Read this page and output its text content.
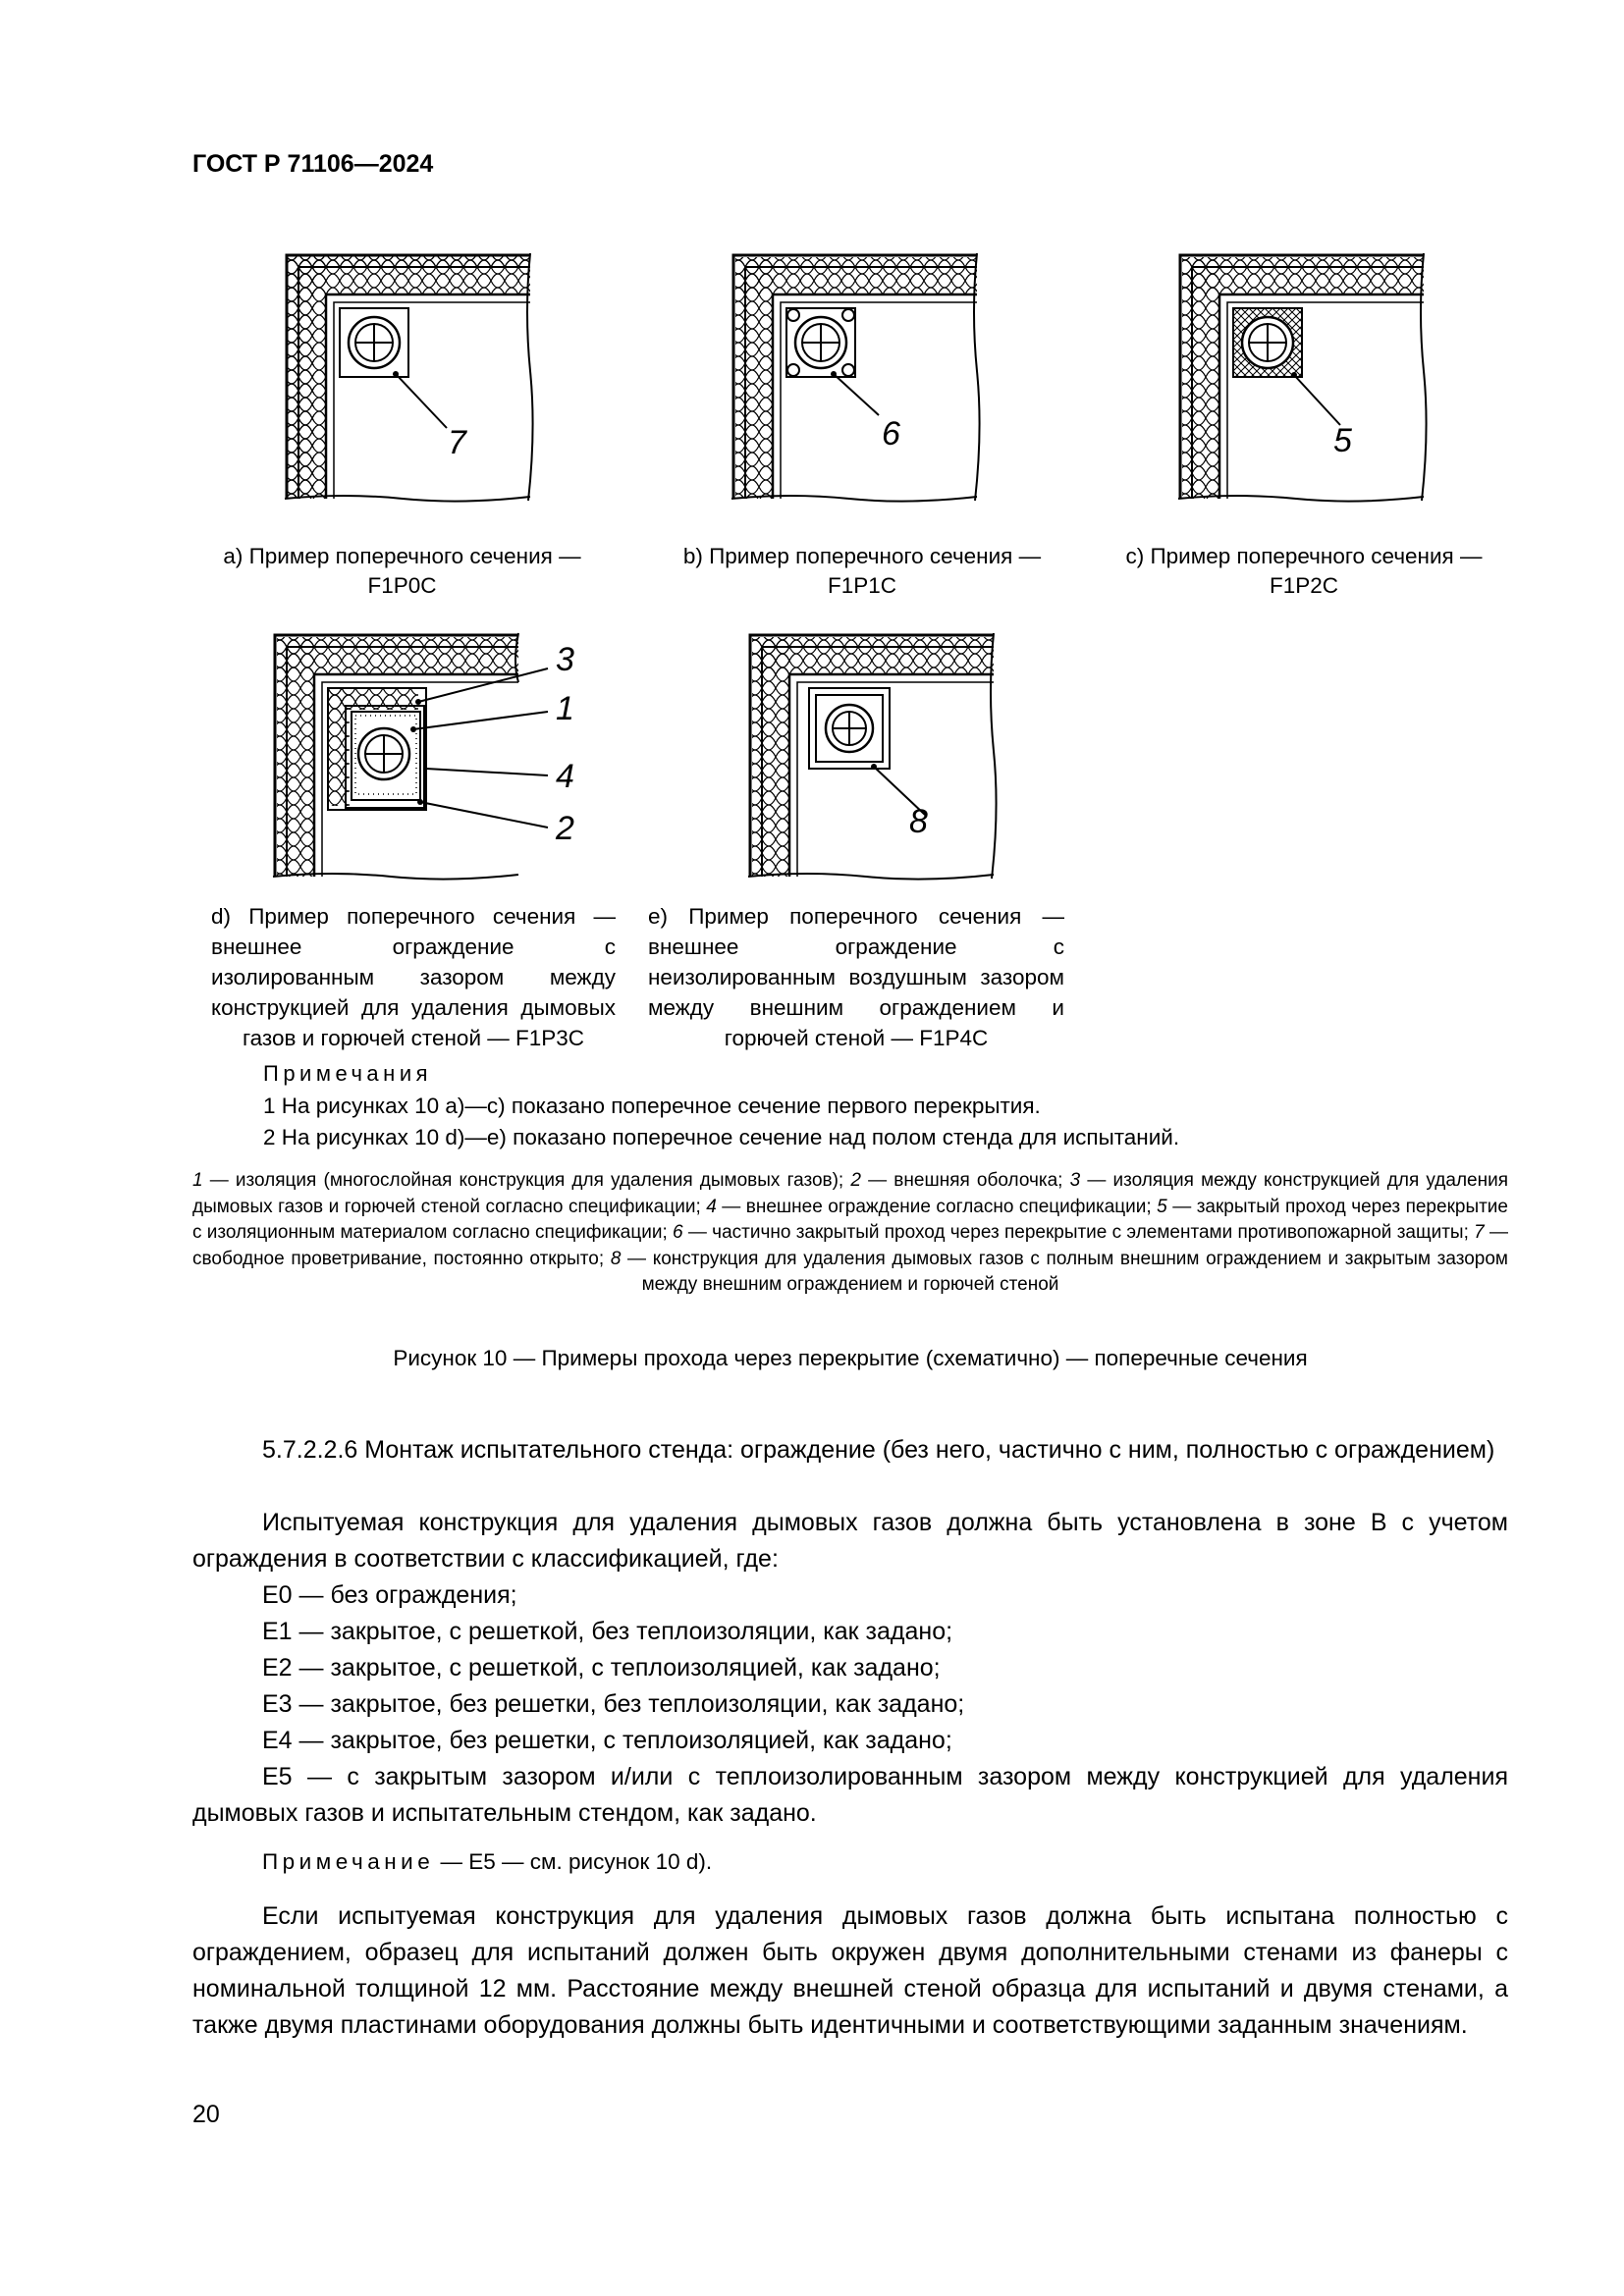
ГОСТ Р 71106—2024
7	6	5
a) Пример поперечного сечения — F1P0C
b) Пример поперечного сечения — F1P1C
c) Пример поперечного сечения — F1P2C
3
1
4
2	8
d) Пример поперечного сечения — внешнее ограждение с изолированным зазором между конструкцией для удаления дымовых газов и горючей стеной — F1P3C
e) Пример поперечного сечения — внешнее ограждение с неизолированным воздушным зазором между внешним ограждением и горючей стеной — F1P4C
Примечания
1 На рисунках 10 а)—с) показано поперечное сечение первого перекрытия.
2 На рисунках 10 d)—e) показано поперечное сечение над полом стенда для испытаний.
1 — изоляция (многослойная конструкция для удаления дымовых газов); 2 — внешняя оболочка; 3 — изоляция между конструкцией для удаления дымовых газов и горючей стеной согласно спецификации; 4 — внешнее ограждение согласно спецификации; 5 — закрытый проход через перекрытие с изоляционным материалом согласно спецификации; 6 — частично закрытый проход через перекрытие с элементами противопожарной защиты; 7 — свободное проветривание, постоянно открыто; 8 — конструкция для удаления дымовых газов с полным внешним ограждением и закрытым зазором между внешним ограждением и горючей стеной
Рисунок 10 — Примеры прохода через перекрытие (схематично) — поперечные сечения
5.7.2.2.6 Монтаж испытательного стенда: ограждение (без него, частично с ним, полностью с ограждением)
Испытуемая конструкция для удаления дымовых газов должна быть установлена в зоне В с учетом ограждения в соответствии с классификацией, где:
Е0 — без ограждения;
Е1 — закрытое, с решеткой, без теплоизоляции, как задано;
Е2 — закрытое, с решеткой, с теплоизоляцией, как задано;
Е3 — закрытое, без решетки, без теплоизоляции, как задано;
Е4 — закрытое, без решетки, с теплоизоляцией, как задано;
Е5 — с закрытым зазором и/или с теплоизолированным зазором между конструкцией для удаления дымовых газов и испытательным стендом, как задано.
Примечание — Е5 — см. рисунок 10 d).
Если испытуемая конструкция для удаления дымовых газов должна быть испытана полностью с ограждением, образец для испытаний должен быть окружен двумя дополнительными стенами из фанеры с номинальной толщиной 12 мм. Расстояние между внешней стеной образца для испытаний и двумя стенами, а также двумя пластинами оборудования должны быть идентичными и соответствующими заданным значениям.
20
